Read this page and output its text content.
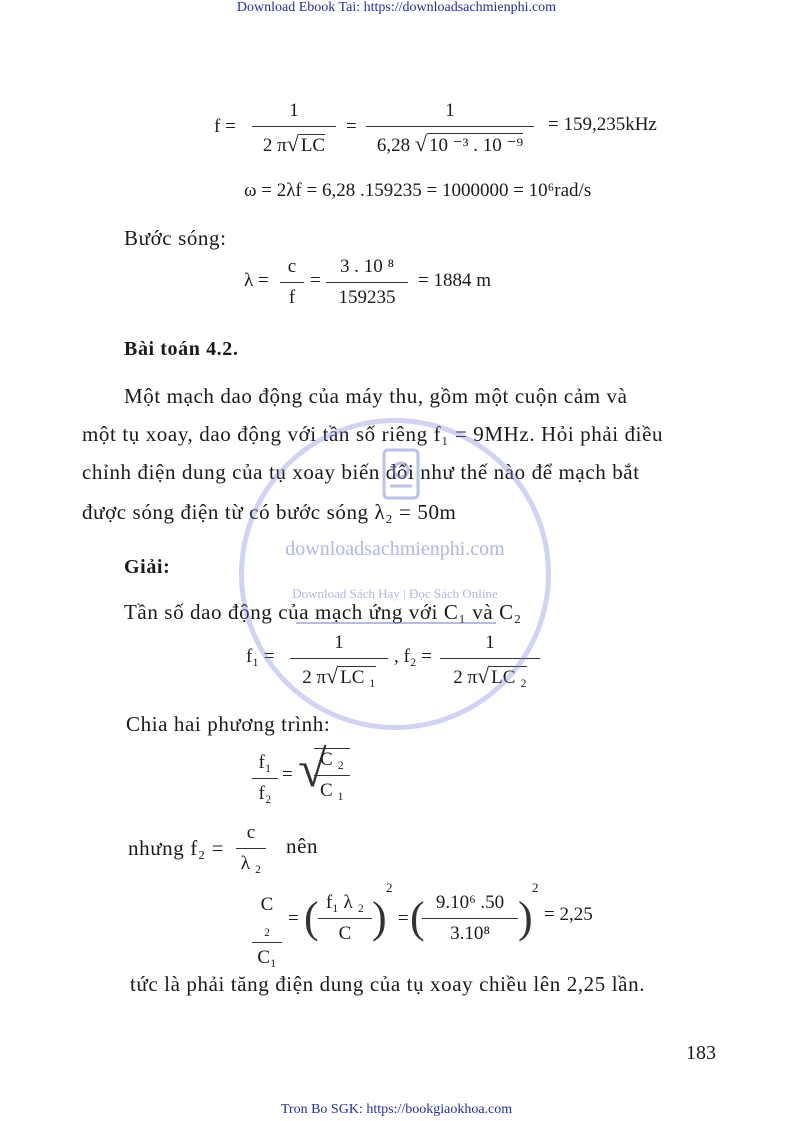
Download Ebook Tai: https://downloadsachmienphi.com
Tron Bo SGK: https://bookgiaokhoa.com
$f = \frac{1}{2 \pi√ LC} = \frac{1}{\text{6,28 √ 10 ⁻³ . 10 ⁻⁹}} = 159,235kHz$
ω = 2λf = 6,28 .159235 = 1000000 = 10⁶rad/s
Bước sóng:
$\lambda = \frac{c}{f} = \frac{\text{3 . 10 ⁸}}{159235} = 1884$ m
Bài toán 4.2.
Một mạch dao động của máy thu, gồm một cuộn cảm và
một tụ xoay, dao động với tần số riêng f₁ = 9MHz. Hỏi phải điều
chỉnh điện dung của tụ xoay biến đổi như thế nào để mạch bắt
được sóng điện từ có bước sóng λ₂ = 50m
Giải:
Tần số dao động của mạch ứng với C₁ và C₂
$f_1 = \frac{1}{\text{2 π√ LC ₁}}$ , $f_2 = \frac{1}{\text{2 π√ LC ₂}}$
Chia hai phương trình:
$\frac{\text{f₁}}{\text{f₂}}$ = √
$\frac{\text{C ₂}}{\text{C ₁}}$
nhưng $f_2 = \frac{c}{\text{λ ₂}}$ nên
$\frac{\text{C ₂}}{\text{C₁}}$ = ( $\frac{\text{f₁ λ ₂}}{C}$ )
2
= (
$\frac{\text{9.10⁶ .50}}{\text{3.10⁸}}$ )
2
= 2,25
tức là phải tăng điện dung của tụ xoay chiều lên 2,25 lần.
183
downloadsachmienphi.com
Download Sách Hay | Đọc Sách Online
